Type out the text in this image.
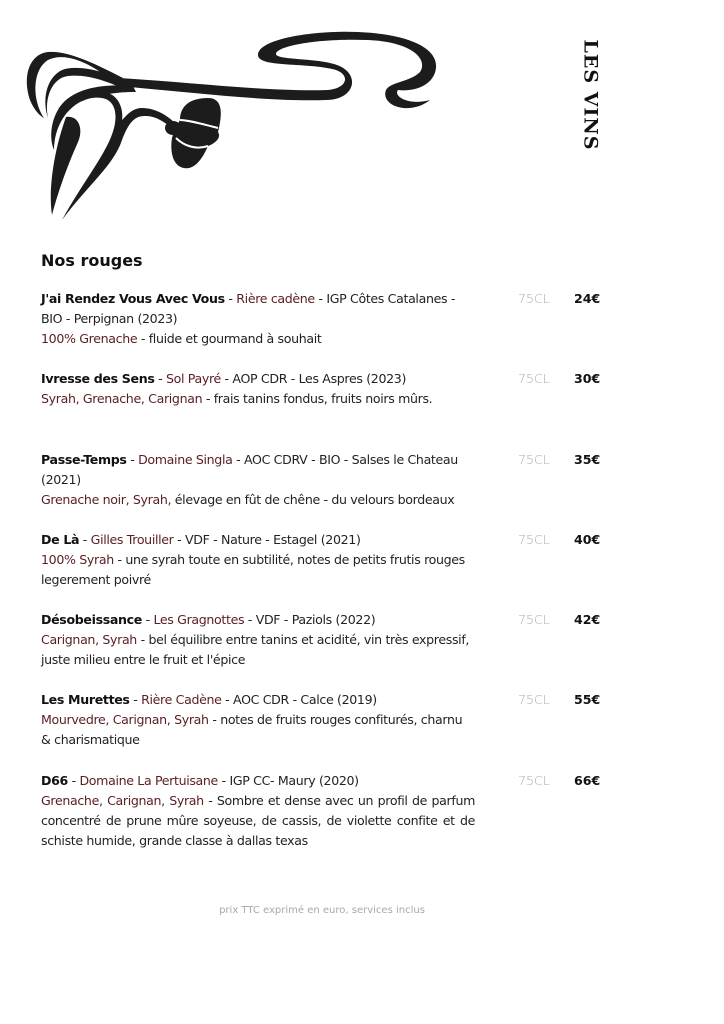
LES VINS
Nos rouges
J'ai Rendez Vous Avec Vous - Rière cadène - IGP Côtes Catalanes - BIO - Perpignan (2023)
100% Grenache - fluide et gourmand à souhait
75CL 24€
Ivresse des Sens - Sol Payré - AOP CDR - Les Aspres (2023)
Syrah, Grenache, Carignan - frais tanins fondus, fruits noirs mûrs.
75CL 30€
Passe-Temps - Domaine Singla - AOC CDRV - BIO - Salses le Chateau (2021)
Grenache noir, Syrah, élevage en fût de chêne - du velours bordeaux
75CL 35€
De Là - Gilles Trouiller - VDF - Nature - Estagel (2021)
100% Syrah - une syrah toute en subtilité, notes de petits frutis rouges legerement poivré
75CL 40€
Désobeissance - Les Gragnottes - VDF - Paziols (2022)
Carignan, Syrah - bel équilibre entre tanins et acidité, vin très expressif, juste milieu entre le fruit et l'épice
75CL 42€
Les Murettes - Rière Cadène - AOC CDR - Calce (2019)
Mourvedre, Carignan, Syrah - notes de fruits rouges confiturés, charnu & charismatique
75CL 55€
D66 - Domaine La Pertuisane - IGP CC- Maury (2020)
Grenache, Carignan, Syrah - Sombre et dense avec un profil de parfum concentré de prune mûre soyeuse, de cassis, de violette confite et de schiste humide, grande classe à dallas texas
75CL 66€
prix TTC exprimé en euro, services inclus
